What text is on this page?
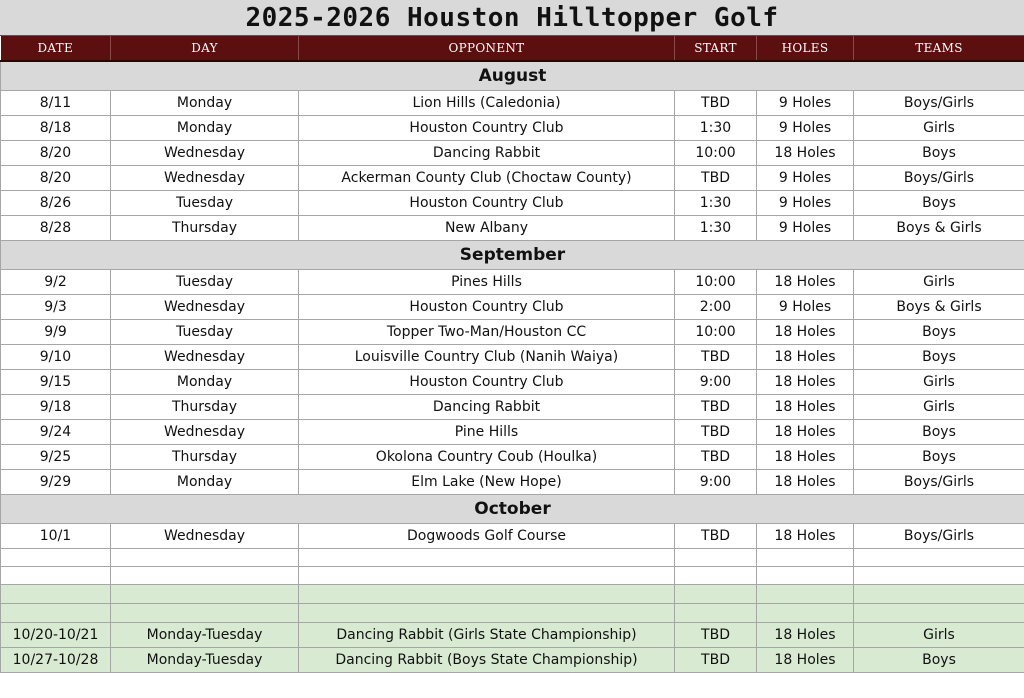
2025-2026 Houston Hilltopper Golf
DATE	DAY	OPPONENT	START	HOLES	TEAMS
August					
8/11	Monday	Lion Hills (Caledonia)	TBD	9 Holes	Boys/Girls
8/18	Monday	Houston Country Club	1:30	9 Holes	Girls
8/20	Wednesday	Dancing Rabbit	10:00	18 Holes	Boys
8/20	Wednesday	Ackerman County Club (Choctaw County)	TBD	9 Holes	Boys/Girls
8/26	Tuesday	Houston Country Club	1:30	9 Holes	Boys
8/28	Thursday	New Albany	1:30	9 Holes	Boys & Girls
September					
9/2	Tuesday	Pines Hills	10:00	18 Holes	Girls
9/3	Wednesday	Houston Country Club	2:00	9 Holes	Boys & Girls
9/9	Tuesday	Topper Two-Man/Houston CC	10:00	18 Holes	Boys
9/10	Wednesday	Louisville Country Club (Nanih Waiya)	TBD	18 Holes	Boys
9/15	Monday	Houston Country Club	9:00	18 Holes	Girls
9/18	Thursday	Dancing Rabbit	TBD	18 Holes	Girls
9/24	Wednesday	Pine Hills	TBD	18 Holes	Boys
9/25	Thursday	Okolona Country Coub (Houlka)	TBD	18 Holes	Boys
9/29	Monday	Elm Lake (New Hope)	9:00	18 Holes	Boys/Girls
October					
10/1	Wednesday	Dogwoods Golf Course	TBD	18 Holes	Boys/Girls

10/20-10/21	Monday-Tuesday	Dancing Rabbit (Girls State Championship)	TBD	18 Holes	Girls
10/27-10/28	Monday-Tuesday	Dancing Rabbit (Boys State Championship)	TBD	18 Holes	Boys
